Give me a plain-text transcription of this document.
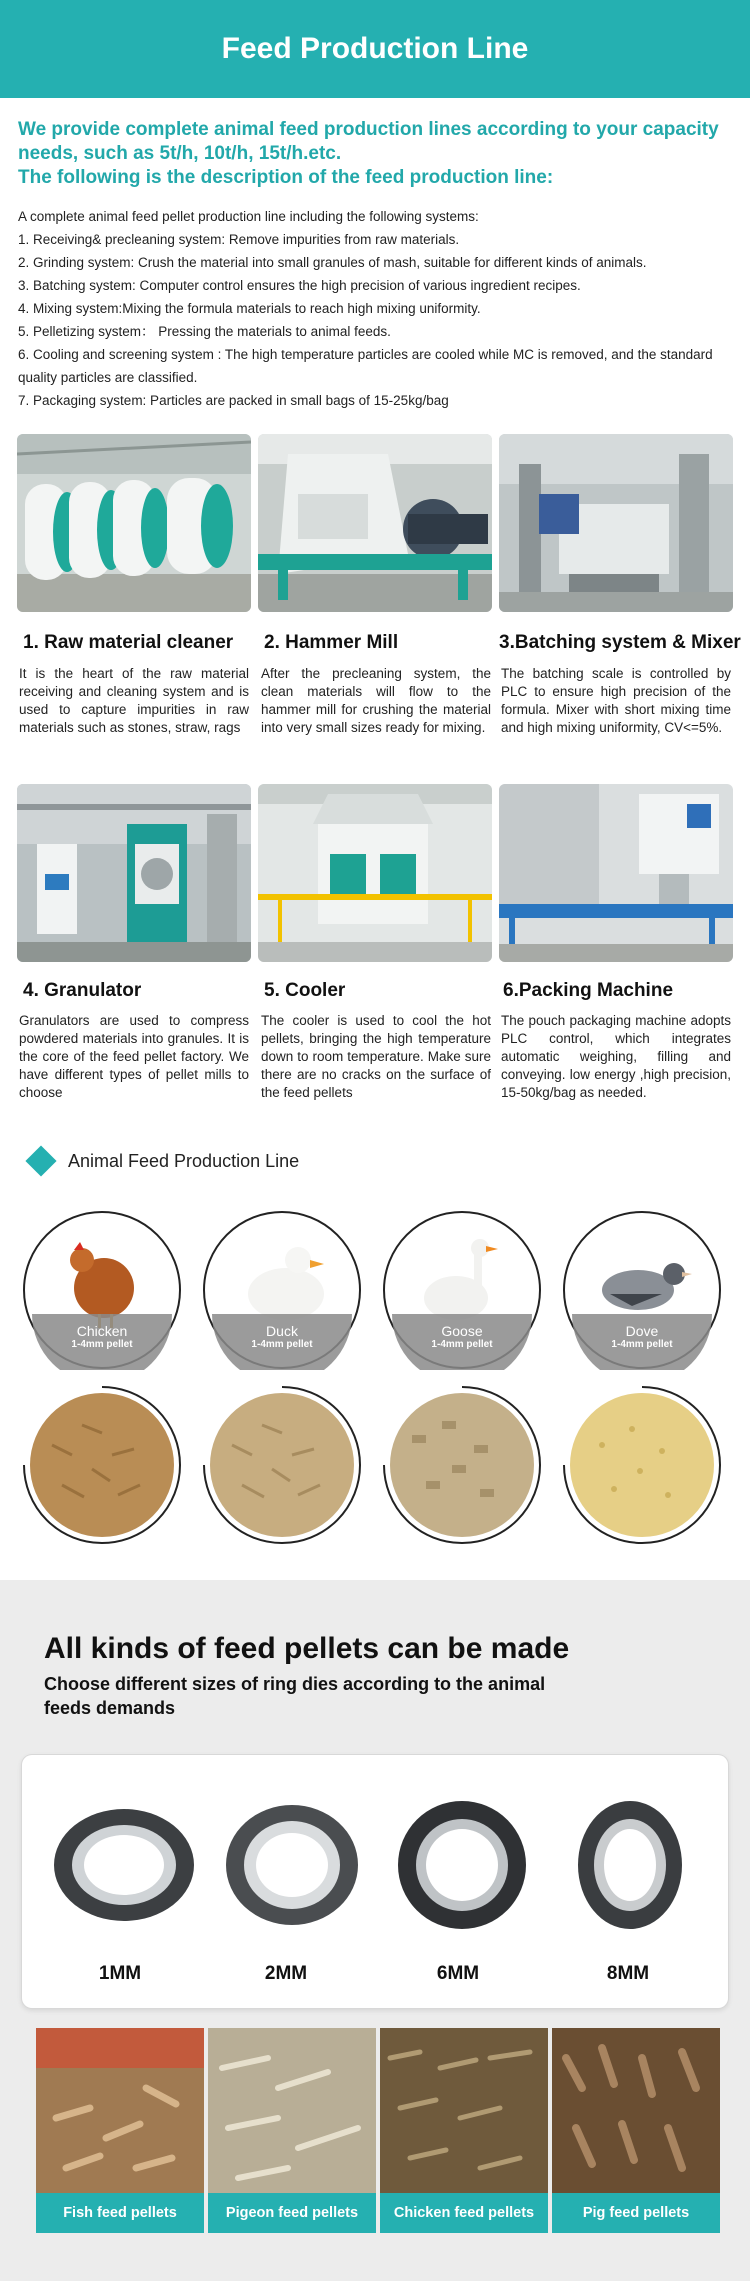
Feed Production Line
We provide complete animal feed production lines according to your capacity needs, such as 5t/h, 10t/h, 15t/h.etc.
The following is the description of the feed production line:

A complete animal feed pellet production line including the following systems:

1. Receiving& precleaning system: Remove impurities from raw materials.

2. Grinding system: Crush the material into small granules of mash, suitable for different kinds of animals.

3. Batching system: Computer control ensures the high precision of various ingredient recipes.

4. Mixing system:Mixing the formula materials to reach high mixing uniformity.

5. Pelletizing system： Pressing the materials to animal feeds.

6. Cooling and screening system : The high temperature particles are cooled while MC is removed, and the standard quality particles are classified.

7. Packaging system: Particles are packed in small bags of 15-25kg/bag

1. Raw material cleaner 2. Hammer Mill	3.Batching system & Mixer
It is the heart of the raw material receiving and cleaning system and is used to capture impurities in raw materials such as stones, straw, rags
After the precleaning system, the clean materials will flow to the hammer mill for crushing the material into very small sizes ready for mixing.
The batching scale is controlled by PLC to ensure high precision of the formula. Mixer with short mixing time and high mixing uniformity, CV<=5%.
4. Granulator	5. Cooler	6.Packing Machine
Granulators are used to compress powdered materials into granules. It is the core of the feed pellet factory. We have different types of pellet mills to choose
The cooler is used to cool the hot pellets, bringing the high temperature down to room temperature. Make sure there are no cracks on the surface of the feed pellets
The pouch packaging machine adopts PLC control, which integrates automatic weighing, filling and conveying. low energy ,high precision, 15-50kg/bag as needed.
Animal Feed Production Line
Chicken
1-4mm pellet
Duck
1-4mm pellet
Goose
1-4mm pellet
Dove
1-4mm pellet
All kinds of feed pellets can be made
Choose different sizes of ring dies according to the animal feeds demands
1MM	2MM	6MM	8MM
Fish feed pellets	Pigeon feed pellets	Chicken feed pellets	Pig feed pellets
